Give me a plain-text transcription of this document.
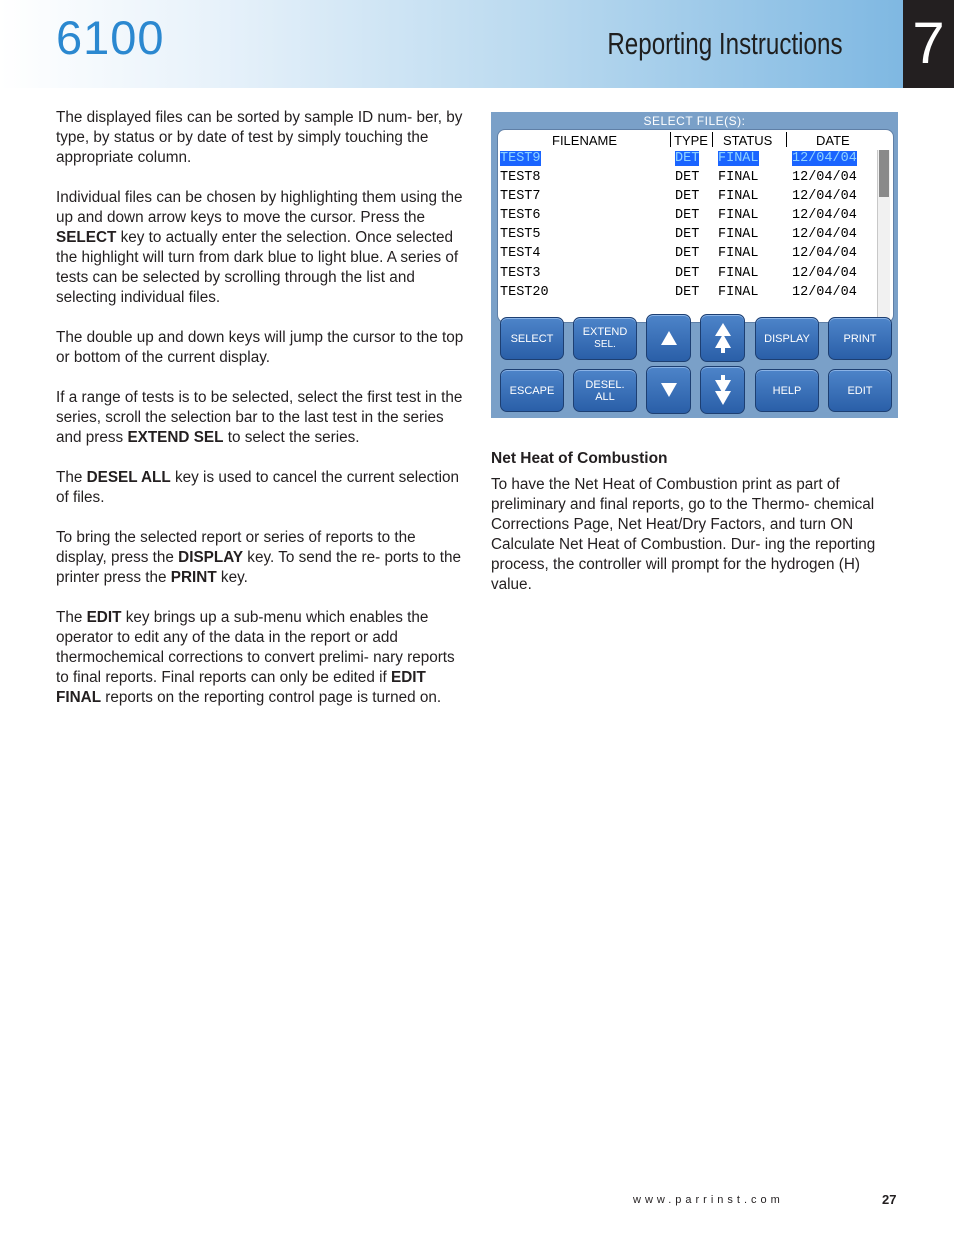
6100	Reporting Instructions 7

The displayed files can be sorted by sample ID num- ber, by type, by status or by date of test by simply touching the appropriate column.

Individual files can be chosen by highlighting them using the up and down arrow keys to move the cursor. Press the SELECT key to actually enter the selection. Once selected the highlight will turn from dark blue to light blue. A series of tests can be selected by scrolling through the list and selecting individual files.

The double up and down keys will jump the cursor to the top or bottom of the current display.

If a range of tests is to be selected, select the first test in the series, scroll the selection bar to the last test in the series and press EXTEND SEL to select the series.

The DESEL ALL key is used to cancel the current selection of files.

To bring the selected report or series of reports to the display, press the DISPLAY key. To send the re- ports to the printer press the PRINT key.

The EDIT key brings up a sub-menu which enables the operator to edit any of the data in the report or add thermochemical corrections to convert prelimi- nary reports to final reports. Final reports can only be edited if EDIT FINAL reports on the reporting control page is turned on.

SELECT FILE(S):
FILENAME	TYPE STATUS	DATE
TEST9	DET FINAL 12/04/04
TEST8	DET FINAL 12/04/04
TEST7	DET FINAL 12/04/04
TEST6	DET FINAL 12/04/04
TEST5	DET FINAL 12/04/04
TEST4	DET FINAL 12/04/04
TEST3	DET FINAL 12/04/04
TEST20	DET FINAL 12/04/04
SELECT
EXTEND
SEL.	DISPLAY	PRINT
ESCAPE	DESEL.
ALL	HELP	EDIT
Net Heat of Combustion

To have the Net Heat of Combustion print as part of preliminary and final reports, go to the Thermo- chemical Corrections Page, Net Heat/Dry Factors, and turn ON Calculate Net Heat of Combustion. Dur- ing the reporting process, the controller will prompt for the hydrogen (H) value.

www.parrinst.com	27
